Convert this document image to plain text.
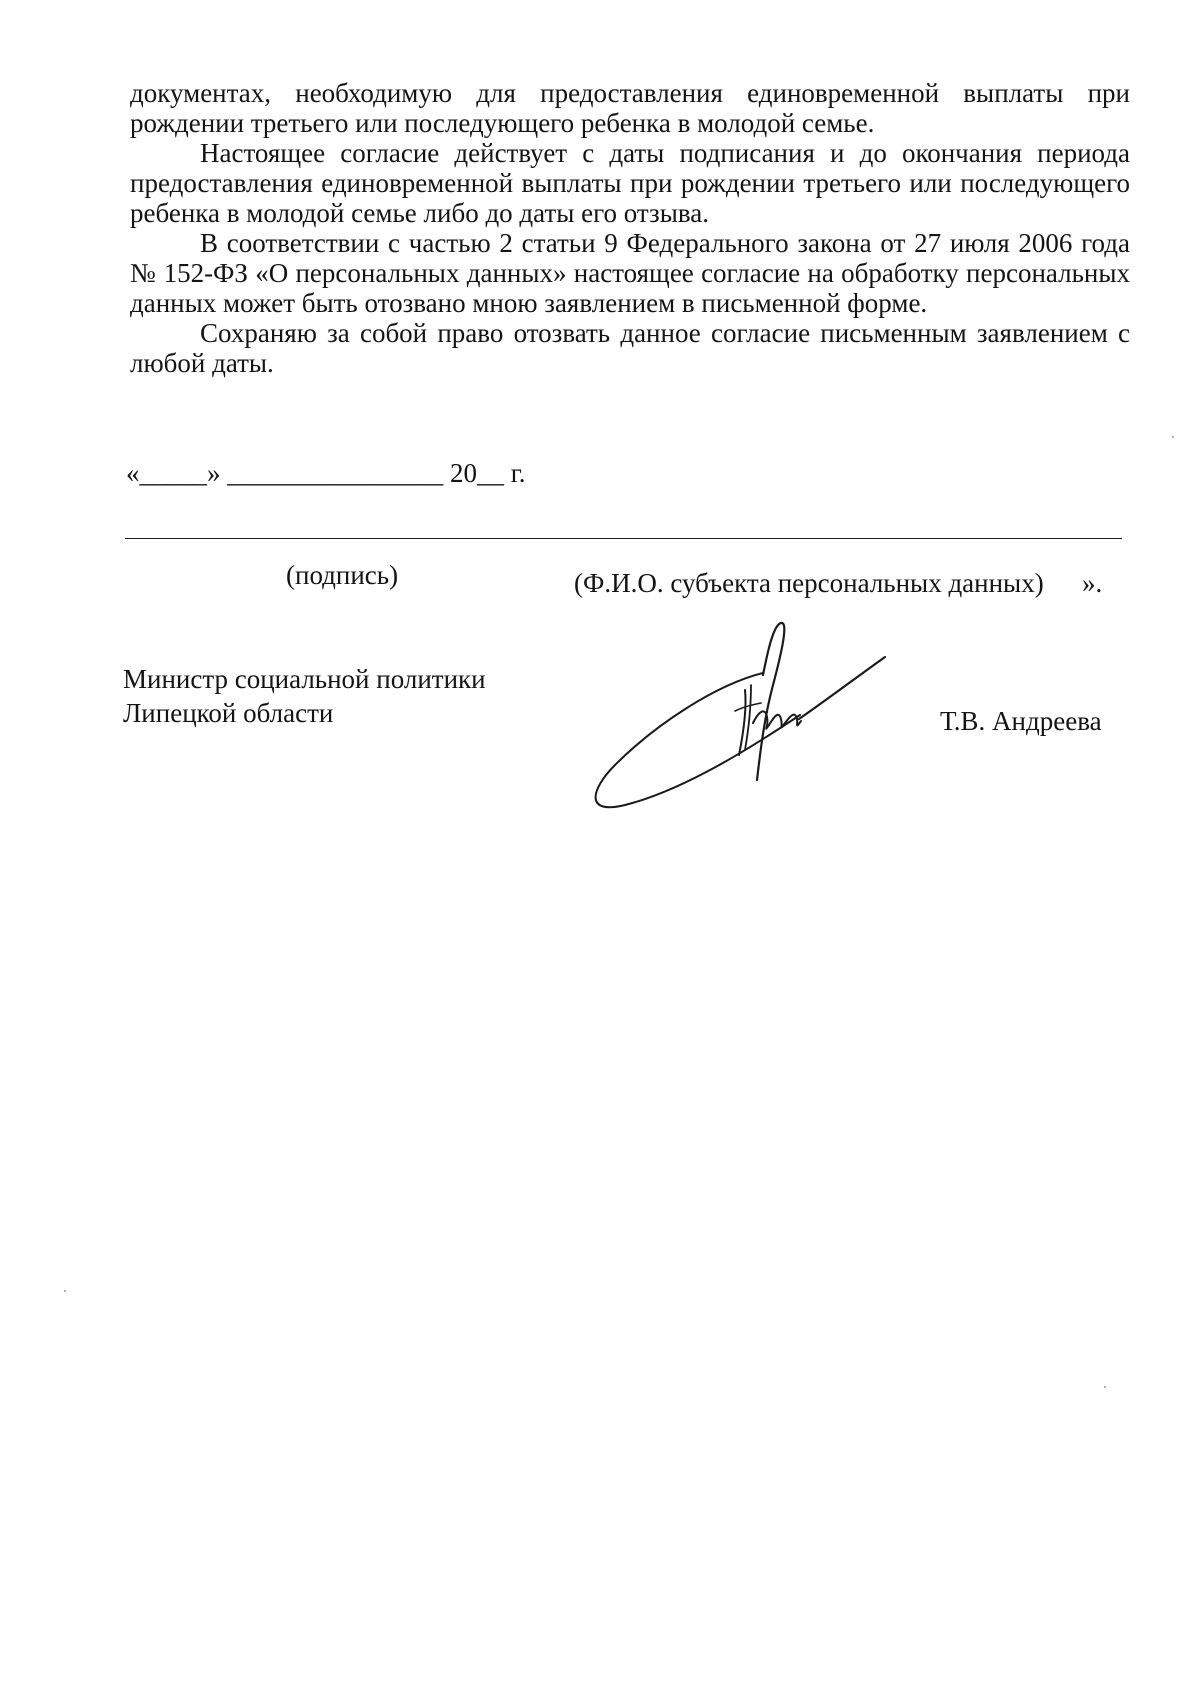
документах, необходимую для предоставления единовременной выплаты при рождении третьего или последующего ребенка в молодой семье.

Настоящее согласие действует с даты подписания и до окончания периода предоставления единовременной выплаты при рождении третьего или последующего ребенка в молодой семье либо до даты его отзыва.

В соответствии с частью 2 статьи 9 Федерального закона от 27 июля 2006 года № 152-ФЗ «О персональных данных» настоящее согласие на обработку персональных данных может быть отозвано мною заявлением в письменной форме.

Сохраняю за собой право отозвать данное согласие письменным заявлением с любой даты.

«_____» ________________ 20__ г.
(подпись)	(Ф.И.О. субъекта персональных данных) ».
Министр социальной политики
Липецкой области	Т.В. Андреева
